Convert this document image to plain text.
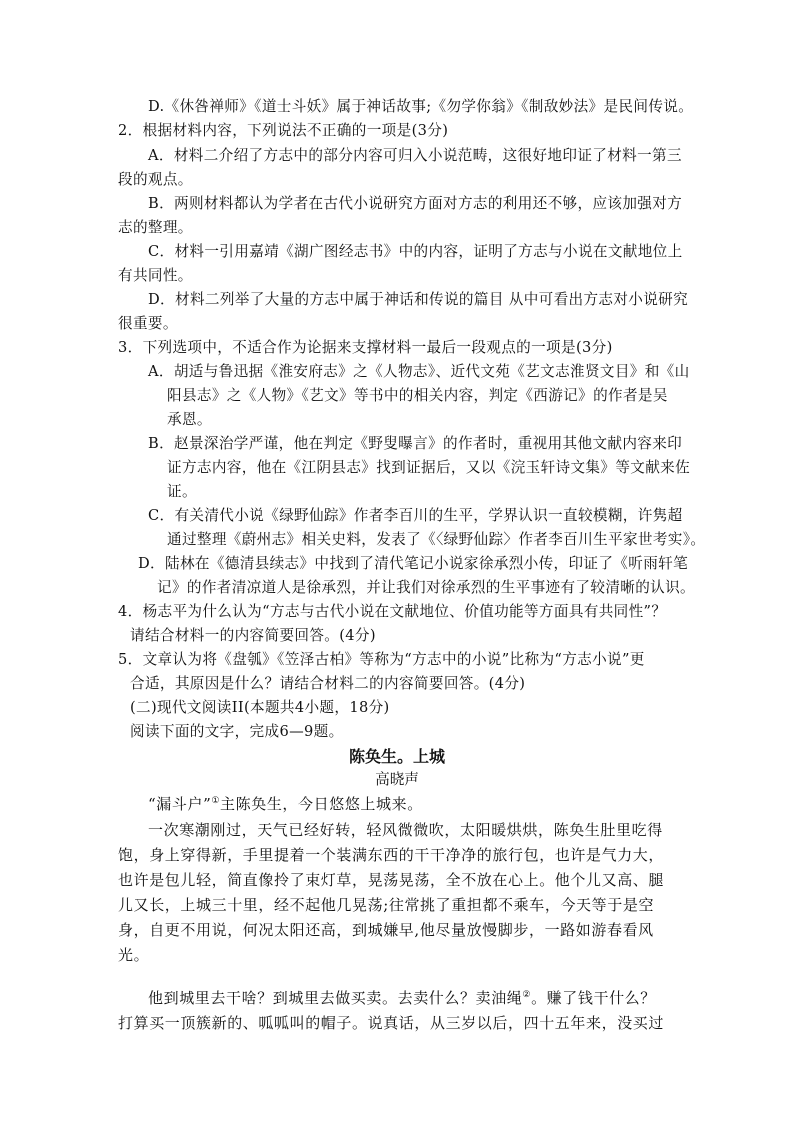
D.《休咎禅师》《道士斗妖》属于神话故事;《勿学你翁》《制敌妙法》是民间传说。
2．根据材料内容，下列说法不正确的一项是(3分)
A．材料二介绍了方志中的部分内容可归入小说范畴，这很好地印证了材料一第三
段的观点。
B．两则材料都认为学者在古代小说研究方面对方志的利用还不够，应该加强对方
志的整理。
C．材料一引用嘉靖《湖广图经志书》中的内容，证明了方志与小说在文献地位上
有共同性。
D．材料二列举了大量的方志中属于神话和传说的篇目 从中可看出方志对小说研究
很重要。
3．下列选项中，不适合作为论据来支撑材料一最后一段观点的一项是(3分)
A．胡适与鲁迅据《淮安府志》之《人物志》、近代文苑《艺文志淮贤文目》和《山
阳县志》之《人物》《艺文》等书中的相关内容，判定《西游记》的作者是吴
承恩。
B．赵景深治学严谨，他在判定《野叟曝言》的作者时，重视用其他文献内容来印
证方志内容，他在《江阴县志》找到证据后，又以《浣玉轩诗文集》等文献来佐
证。
C．有关清代小说《绿野仙踪》作者李百川的生平，学界认识一直较模糊，许隽超
通过整理《蔚州志》相关史料，发表了《〈绿野仙踪〉作者李百川生平家世考实》。
D．陆林在《德清县续志》中找到了清代笔记小说家徐承烈小传，印证了《听雨轩笔
记》的作者清凉道人是徐承烈，并让我们对徐承烈的生平事迹有了较清晰的认识。
4．杨志平为什么认为“方志与古代小说在文献地位、价值功能等方面具有共同性”？
请结合材料一的内容简要回答。(4分)
5．文章认为将《盘瓠》《笠泽古柏》等称为“方志中的小说”比称为“方志小说”更
合适，其原因是什么？请结合材料二的内容简要回答。(4分)
(二)现代文阅读II(本题共4小题，18分)
阅读下面的文字，完成6—9题。
陈奂生。上城
高晓声
“漏斗户”①主陈奂生，今日悠悠上城来。
一次寒潮刚过，天气已经好转，轻风微微吹，太阳暖烘烘，陈奂生肚里吃得
饱，身上穿得新，手里提着一个装满东西的干干净净的旅行包，也许是气力大，
也许是包儿轻，简直像拎了束灯草，晃荡晃荡，全不放在心上。他个儿又高、腿
儿又长，上城三十里，经不起他几晃荡;往常挑了重担都不乘车，今天等于是空
身，自更不用说，何况太阳还高，到城嫌早,他尽量放慢脚步，一路如游春看风
光。
他到城里去干啥？到城里去做买卖。去卖什么？卖油绳②。赚了钱干什么？
打算买一顶簇新的、呱呱叫的帽子。说真话，从三岁以后，四十五年来，没买过
